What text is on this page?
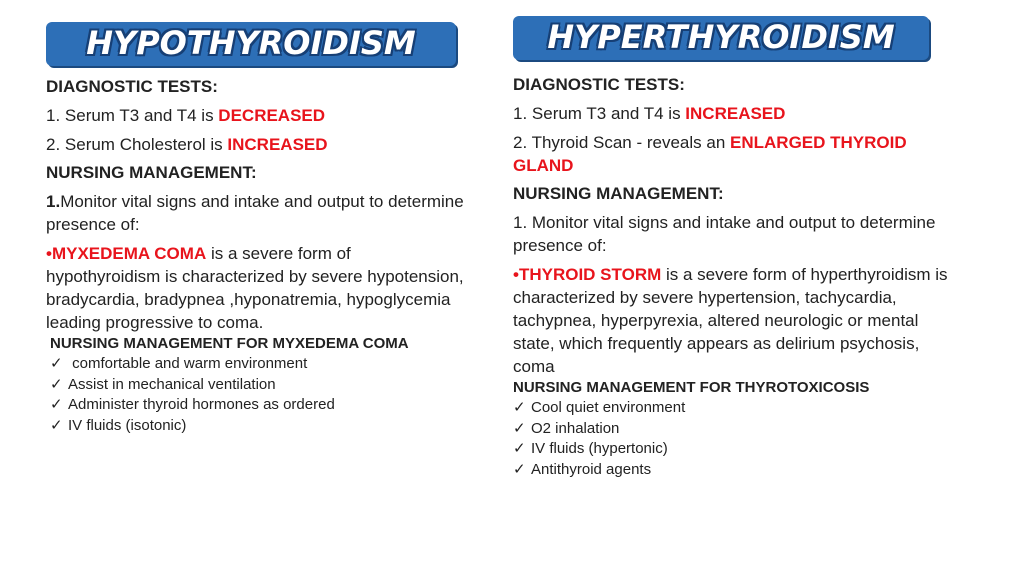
HYPOTHYROIDISM

DIAGNOSTIC TESTS:

1. Serum T3 and T4 is DECREASED

2. Serum Cholesterol is INCREASED

NURSING MANAGEMENT:

1.Monitor vital signs and intake and output to determine presence of:

•MYXEDEMA COMA is a severe form of hypothyroidism is characterized by severe hypotension, bradycardia, bradypnea ,hyponatremia, hypoglycemia leading progressive to coma.

NURSING MANAGEMENT FOR MYXEDEMA COMA

✓ comfortable and warm environment

✓ Assist in mechanical ventilation

✓ Administer thyroid hormones as ordered

✓ IV fluids (isotonic)

HYPERTHYROIDISM

DIAGNOSTIC TESTS:

1. Serum T3 and T4 is INCREASED

2. Thyroid Scan - reveals an ENLARGED THYROID GLAND

NURSING MANAGEMENT:

1. Monitor vital signs and intake and output to determine presence of:

•THYROID STORM is a severe form of hyperthyroidism is characterized by severe hypertension, tachycardia, tachypnea, hyperpyrexia, altered neurologic or mental state, which frequently appears as delirium psychosis, coma

NURSING MANAGEMENT FOR THYROTOXICOSIS

✓ Cool quiet environment

✓ O2 inhalation

✓ IV fluids (hypertonic)

✓ Antithyroid agents
